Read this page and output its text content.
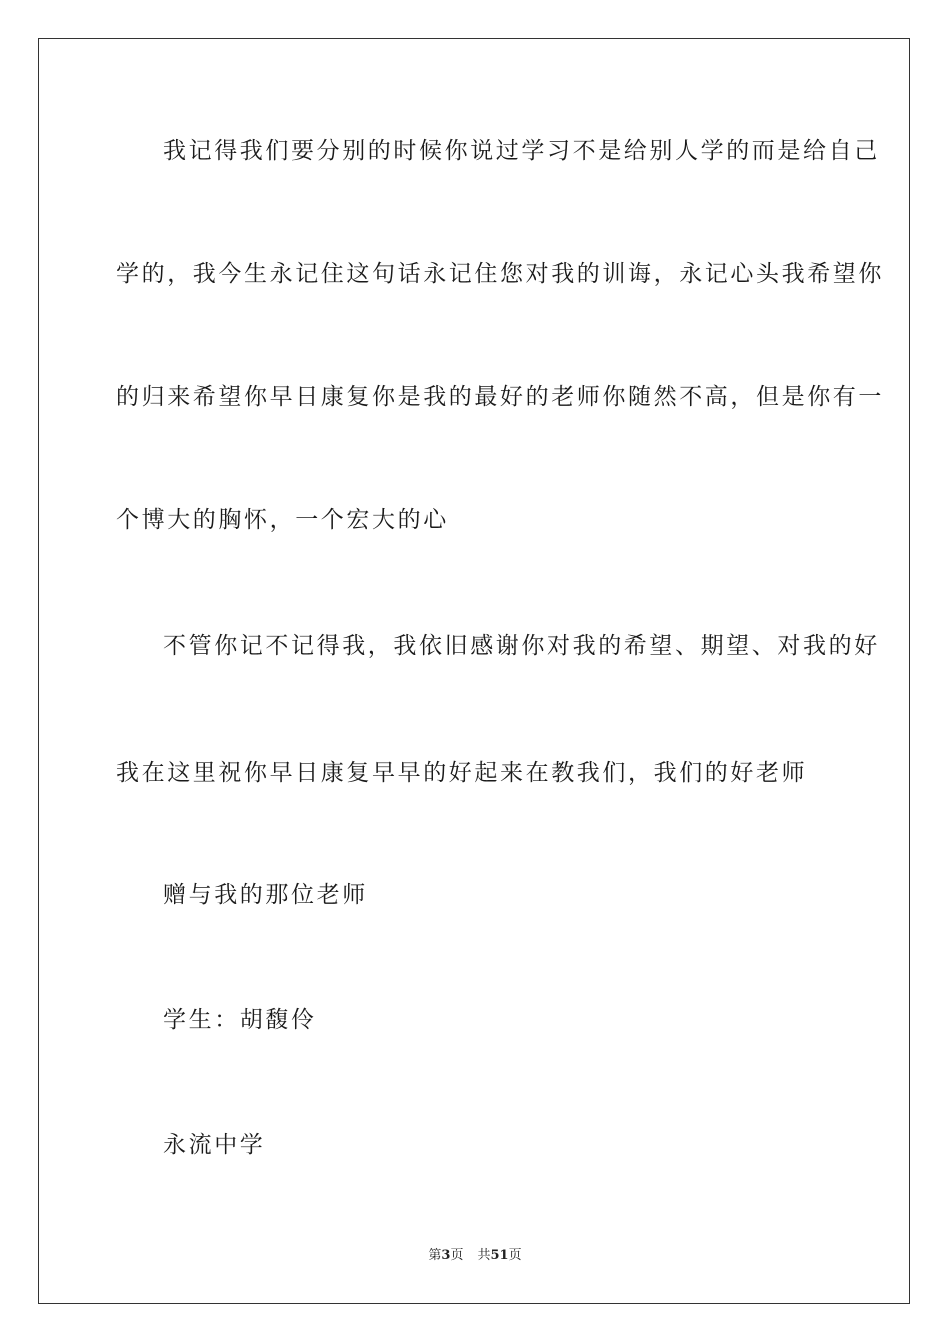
我记得我们要分别的时候你说过学习不是给别人学的而是给自己
学的，我今生永记住这句话永记住您对我的训诲，永记心头我希望你
的归来希望你早日康复你是我的最好的老师你随然不高，但是你有一
个博大的胸怀，一个宏大的心
不管你记不记得我，我依旧感谢你对我的希望、期望、对我的好
我在这里祝你早日康复早早的好起来在教我们，我们的好老师
赠与我的那位老师
学生：胡馥伶
永流中学
第3页 共51页
